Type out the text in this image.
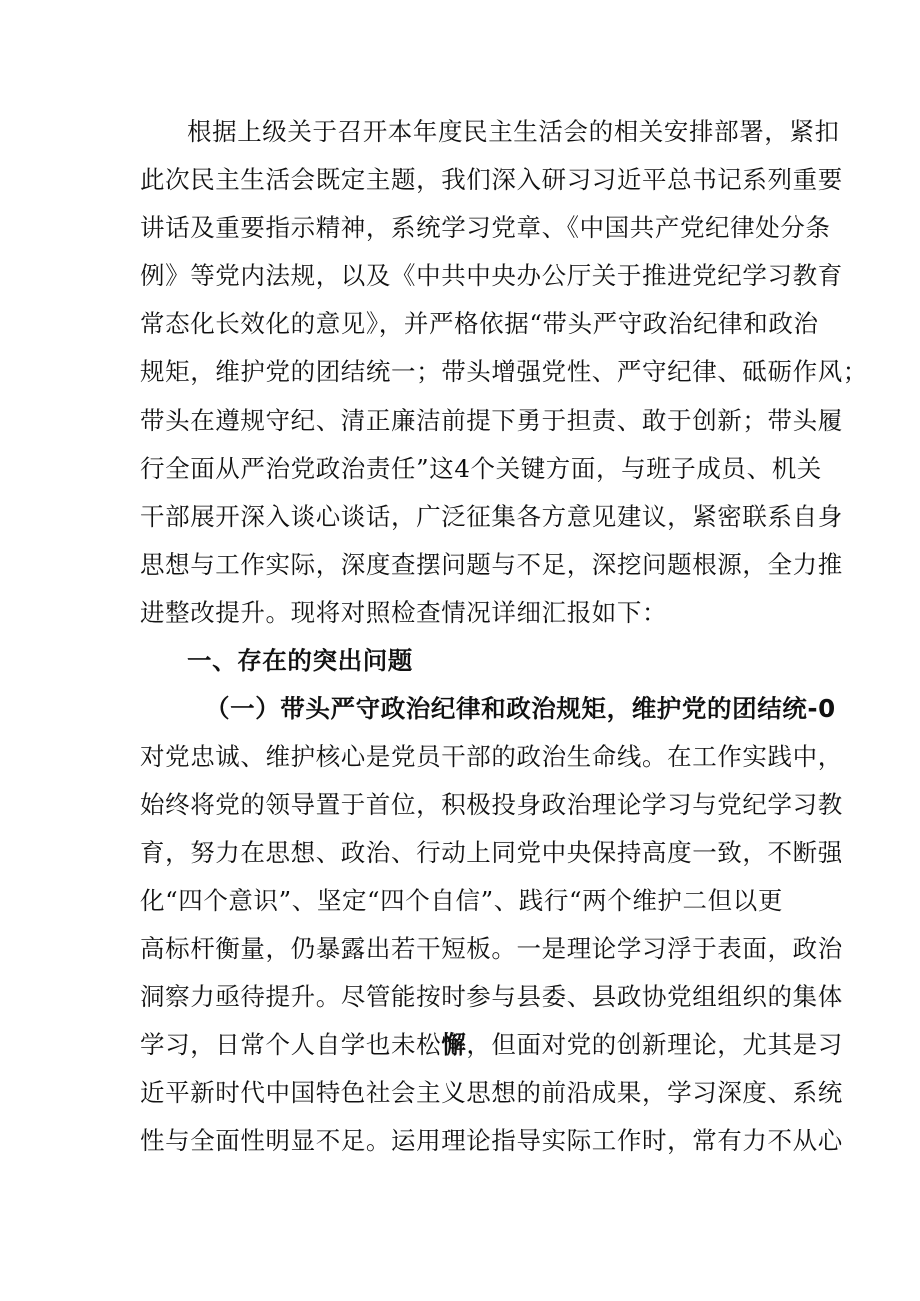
根据上级关于召开本年度民主生活会的相关安排部署，紧扣
此次民主生活会既定主题，我们深入研习习近平总书记系列重要
讲话及重要指示精神，系统学习党章、《中国共产党纪律处分条
例》等党内法规，以及《中共中央办公厅关于推进党纪学习教育
常态化长效化的意见》，并严格依据“带头严守政治纪律和政治
规矩，维护党的团结统一；带头增强党性、严守纪律、砥砺作风；
带头在遵规守纪、清正廉洁前提下勇于担责、敢于创新；带头履
行全面从严治党政治责任”这4个关键方面，与班子成员、机关
干部展开深入谈心谈话，广泛征集各方意见建议，紧密联系自身
思想与工作实际，深度查摆问题与不足，深挖问题根源，全力推
进整改提升。现将对照检查情况详细汇报如下：
一、存在的突出问题
（一）带头严守政治纪律和政治规矩，维护党的团结统-0
对党忠诚、维护核心是党员干部的政治生命线。在工作实践中，
始终将党的领导置于首位，积极投身政治理论学习与党纪学习教
育，努力在思想、政治、行动上同党中央保持高度一致，不断强
化“四个意识”、坚定“四个自信”、践行“两个维护二但以更
高标杆衡量，仍暴露出若干短板。一是理论学习浮于表面，政治
洞察力亟待提升。尽管能按时参与县委、县政协党组组织的集体
学习，日常个人自学也未松懈，但面对党的创新理论，尤其是习
近平新时代中国特色社会主义思想的前沿成果，学习深度、系统
性与全面性明显不足。运用理论指导实际工作时，常有力不从心
